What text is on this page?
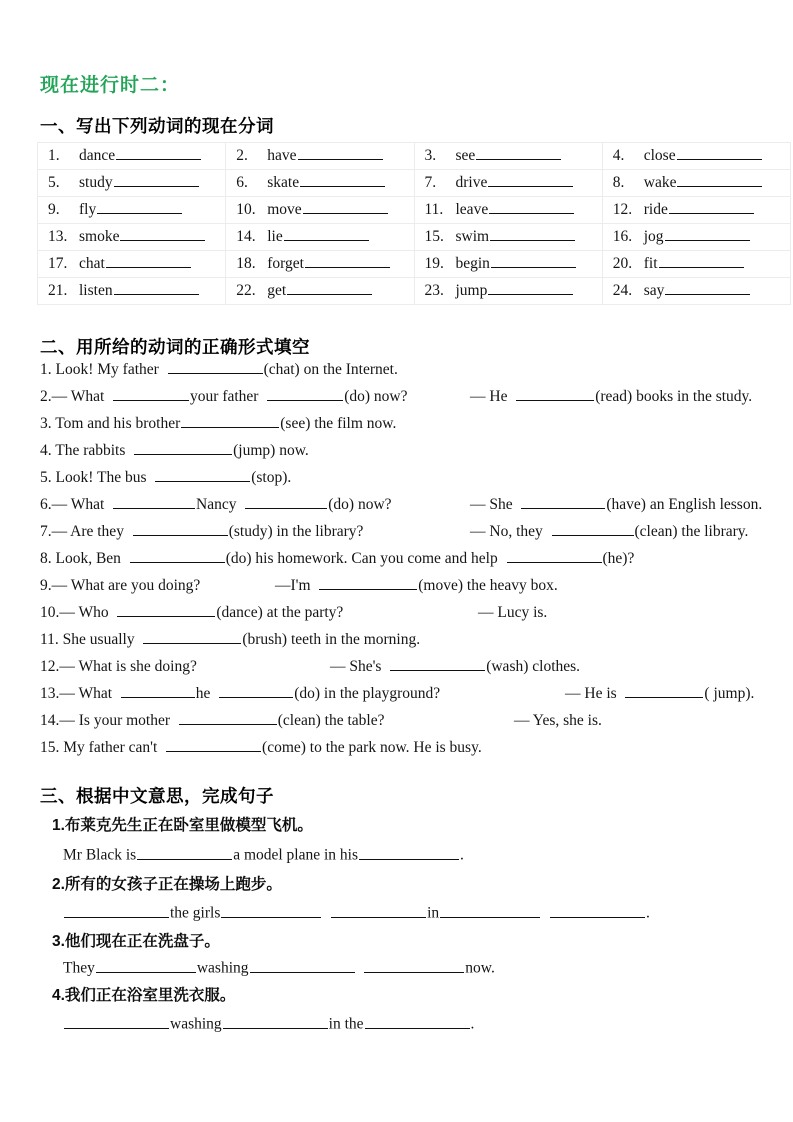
现在进行时二：
一、写出下列动词的现在分词
1. dance	2. have	3. see	4. close
5. study	6. skate	7. drive	8. wake
9. fly	10. move	11. leave	12. ride
13. smoke	14. lie	15. swim	16. jog
17. chat	18. forget	19. begin	20. fit
21. listen	22. get	23. jump	24. say
二、用所给的动词的正确形式填空
1. Look! My father	(chat) on the Internet.
2.— What	your father	(do) now?	— He	(read) books in the study.
3. Tom and his brother	(see) the film now.
4. The rabbits	(jump) now.
5. Look! The bus	(stop).
6.— What	Nancy	(do) now?	— She	(have) an English lesson.
7.— Are they	(study) in the library?	— No, they	(clean) the library.
8. Look, Ben	(do) his homework. Can you come and help	(he)?
9.— What are you doing?	—I'm	(move) the heavy box.
10.— Who	(dance) at the party?	— Lucy is.
11. She usually	(brush) teeth in the morning.
12.— What is she doing?	— She's	(wash) clothes.
13.— What	he	(do) in the playground?	— He is	( jump).
14.— Is your mother	(clean) the table?	— Yes, she is.
15. My father can't	(come) to the park now. He is busy.
三、根据中文意思，完成句子
1.布莱克先生正在卧室里做模型飞机。
Mr Black is	a model plane in his	.
2.所有的女孩子正在操场上跑步。
the girls	in	.
3.他们现在正在洗盘子。
They	washing	now.
4.我们正在浴室里洗衣服。
washing	in the	.
